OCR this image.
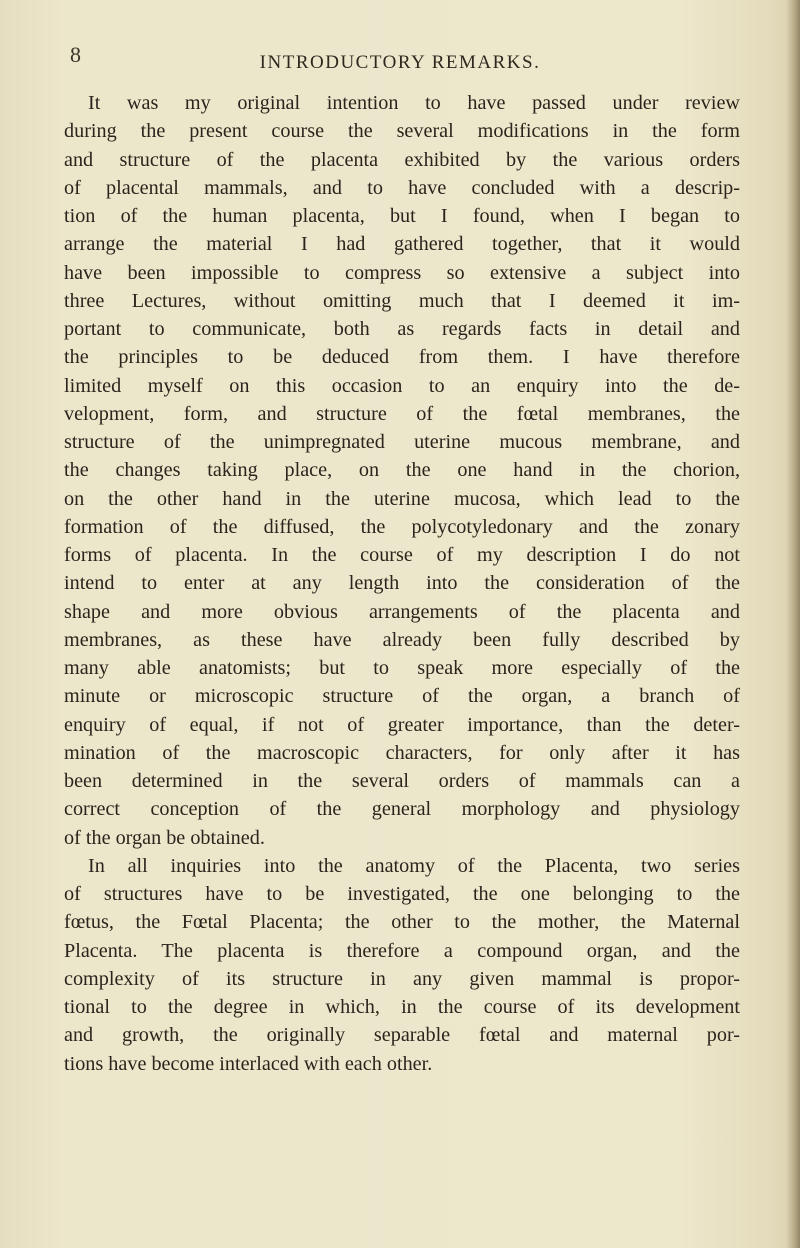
8	INTRODUCTORY REMARKS.
It was my original intention to have passed under review
during the present course the several modifications in the form
and structure of the placenta exhibited by the various orders
of placental mammals, and to have concluded with a descrip-
tion of the human placenta, but I found, when I began to
arrange the material I had gathered together, that it would
have been impossible to compress so extensive a subject into
three Lectures, without omitting much that I deemed it im-
portant to communicate, both as regards facts in detail and
the principles to be deduced from them. I have therefore
limited myself on this occasion to an enquiry into the de-
velopment, form, and structure of the fœtal membranes, the
structure of the unimpregnated uterine mucous membrane, and
the changes taking place, on the one hand in the chorion,
on the other hand in the uterine mucosa, which lead to the
formation of the diffused, the polycotyledonary and the zonary
forms of placenta. In the course of my description I do not
intend to enter at any length into the consideration of the
shape and more obvious arrangements of the placenta and
membranes, as these have already been fully described by
many able anatomists; but to speak more especially of the
minute or microscopic structure of the organ, a branch of
enquiry of equal, if not of greater importance, than the deter-
mination of the macroscopic characters, for only after it has
been determined in the several orders of mammals can a
correct conception of the general morphology and physiology
of the organ be obtained.
In all inquiries into the anatomy of the Placenta, two series
of structures have to be investigated, the one belonging to the
fœtus, the Fœtal Placenta; the other to the mother, the Maternal
Placenta. The placenta is therefore a compound organ, and the
complexity of its structure in any given mammal is propor-
tional to the degree in which, in the course of its development
and growth, the originally separable fœtal and maternal por-
tions have become interlaced with each other.
